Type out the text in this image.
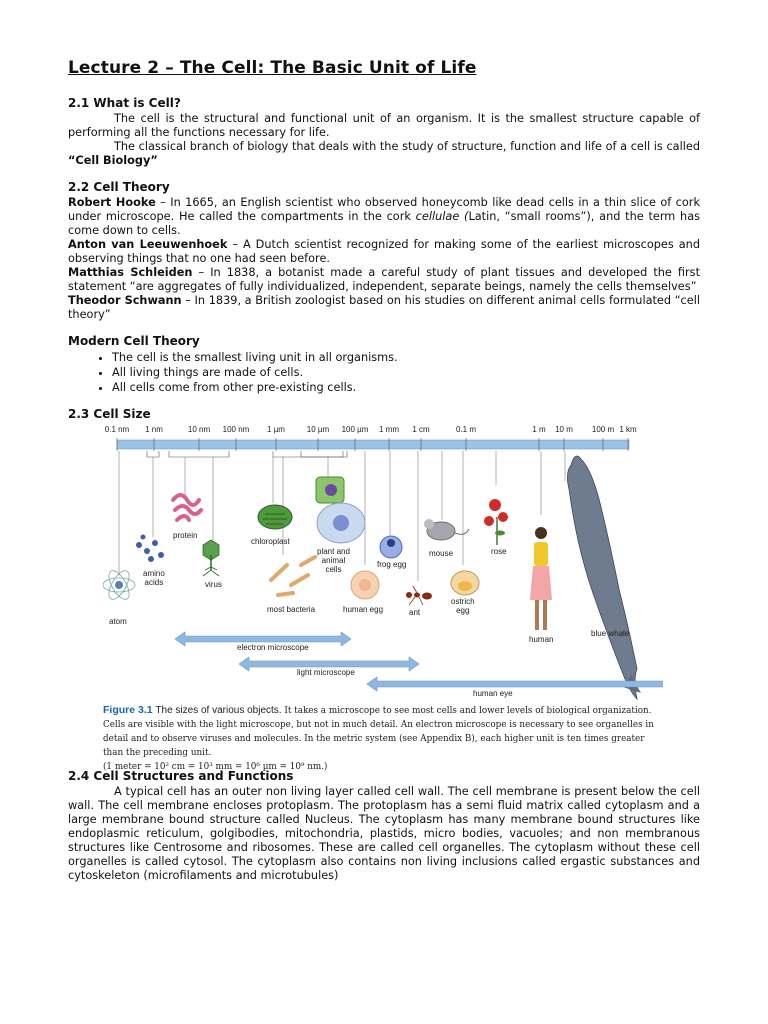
Lecture 2 – The Cell: The Basic Unit of Life
2.1 What is Cell?

The cell is the structural and functional unit of an organism. It is the smallest structure capable of performing all the functions necessary for life.

The classical branch of biology that deals with the study of structure, function and life of a cell is called “Cell Biology”

2.2 Cell Theory

Robert Hooke – In 1665, an English scientist who observed honeycomb like dead cells in a thin slice of cork under microscope. He called the compartments in the cork cellulae (Latin, “small rooms”), and the term has come down to cells.

Anton van Leeuwenhoek – A Dutch scientist recognized for making some of the earliest microscopes and observing things that no one had seen before.

Matthias Schleiden – In 1838, a botanist made a careful study of plant tissues and developed the first statement “are aggregates of fully individualized, independent, separate beings, namely the cells themselves”

Theodor Schwann – In 1839, a British zoologist based on his studies on different animal cells formulated “cell theory”

Modern Cell Theory
• The cell is the smallest living unit in all organisms.
• All living things are made of cells.
• All cells come from other pre-existing cells.
2.3 Cell Size
0.1 nm 1 nm	10 nm 100 nm 1 µm	10 µm 100 µm 1 mm 1 cm	0.1 m	1 m 10 m 100 m 1 km
protein
amino
acids
atom
virus
chloroplast
most bacteria
plant and
animal
cells
human egg
frog egg
ant
mouse
ostrich
egg
rose
human
blue whale
electron microscope
light microscope
human eye
Figure 3.1 The sizes of various objects. It takes a microscope to see most cells and lower levels of biological organization. Cells are visible with the light microscope, but not in much detail. An electron microscope is necessary to see organelles in detail and to observe viruses and molecules. In the metric system (see Appendix B), each higher unit is ten times greater than the preceding unit.
(1 meter = 10² cm = 10³ mm = 10⁶ µm = 10⁹ nm.)
2.4 Cell Structures and Functions

A typical cell has an outer non living layer called cell wall. The cell membrane is present below the cell wall. The cell membrane encloses protoplasm. The protoplasm has a semi fluid matrix called cytoplasm and a large membrane bound structure called Nucleus. The cytoplasm has many membrane bound structures like endoplasmic reticulum, golgibodies, mitochondria, plastids, micro bodies, vacuoles; and non membranous structures like Centrosome and ribosomes. These are called cell organelles. The cytoplasm without these cell organelles is called cytosol. The cytoplasm also contains non living inclusions called ergastic substances and cytoskeleton (microfilaments and microtubules)
